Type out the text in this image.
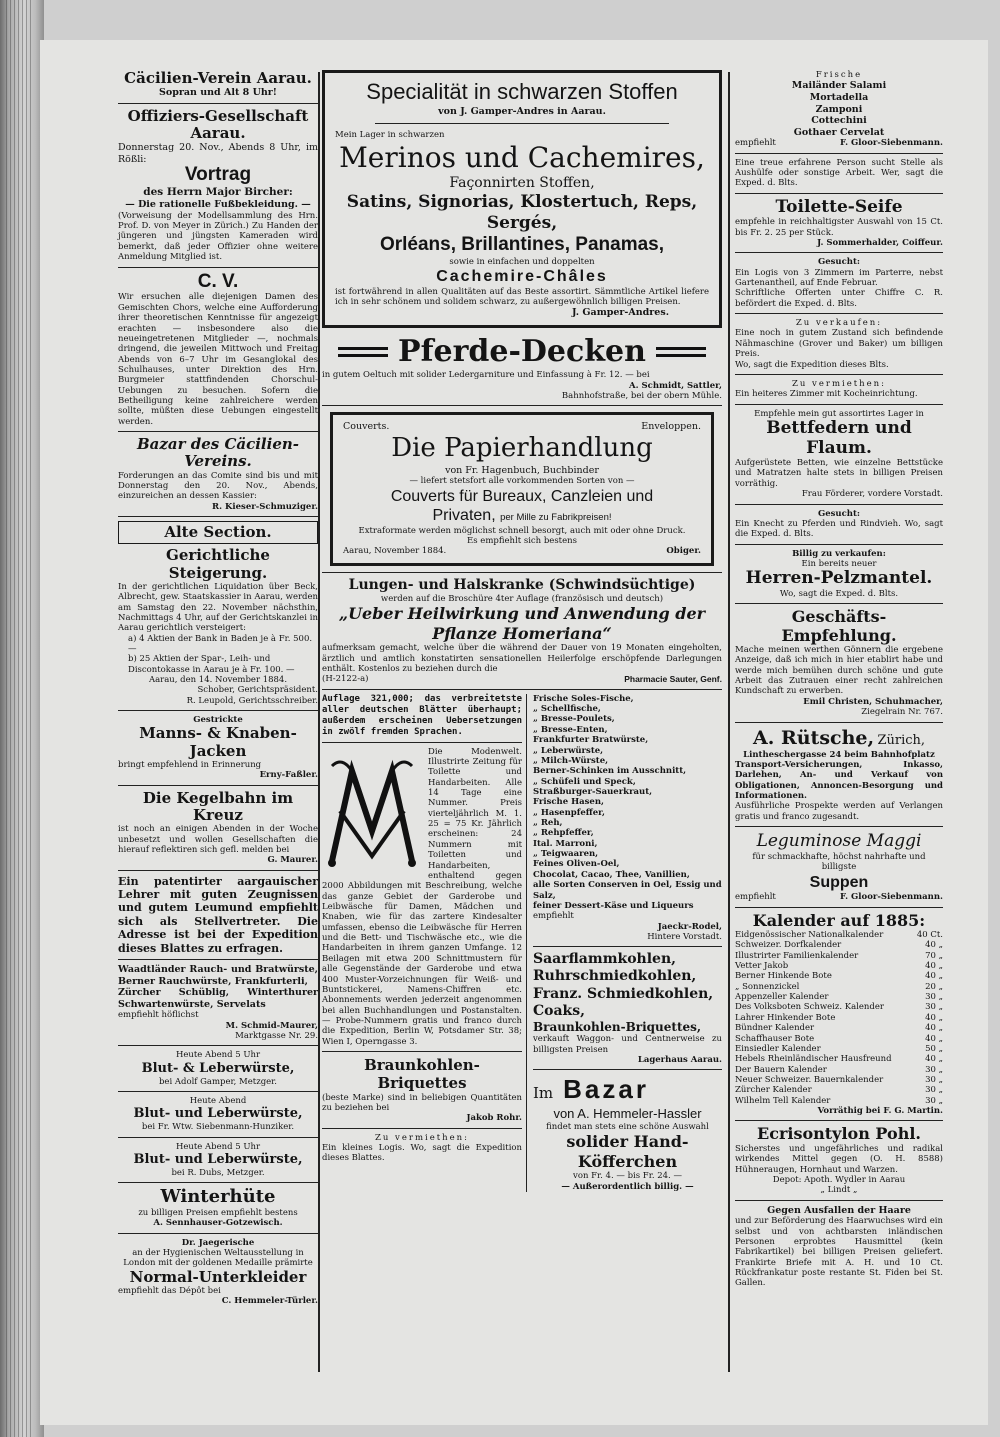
Cäcilien-Verein Aarau.
Sopran und Alt 8 Uhr!
Offiziers-Gesellschaft Aarau.
Donnerstag 20. Nov., Abends 8 Uhr, im Rößli:
Vortrag
des Herrn Major Bircher:
— Die rationelle Fußbekleidung. —
(Vorweisung der Modellsammlung des Hrn. Prof. D. von Meyer in Zürich.) Zu Handen der jüngeren und jüngsten Kameraden wird bemerkt, daß jeder Offizier ohne weitere Anmeldung Mitglied ist.
C. V.
Wir ersuchen alle diejenigen Damen des Gemischten Chors, welche eine Aufforderung ihrer theoretischen Kenntnisse für angezeigt erachten — insbesondere also die neueingetretenen Mitglieder —, nochmals dringend, die jeweilen Mittwoch und Freitag Abends von 6–7 Uhr im Gesanglokal des Schulhauses, unter Direktion des Hrn. Burgmeier stattfindenden Chorschul-Uebungen zu besuchen. Sofern die Betheiligung keine zahlreichere werden sollte, müßten diese Uebungen eingestellt werden.
Bazar des Cäcilien-Vereins.
Forderungen an das Comite sind bis und mit Donnerstag den 20. Nov., Abends, einzureichen an dessen Kassier:
R. Kieser-Schmuziger.
Alte Section.
Gerichtliche Steigerung.
In der gerichtlichen Liquidation über Beck, Albrecht, gew. Staatskassier in Aarau, werden am Samstag den 22. November nächsthin, Nachmittags 4 Uhr, auf der Gerichtskanzlei in Aarau gerichtlich versteigert:
a) 4 Aktien der Bank in Baden je à Fr. 500. —
b) 25 Aktien der Spar-, Leih- und Discontokasse in Aarau je à Fr. 100. —
Aarau, den 14. November 1884.
Schober, Gerichtspräsident.
R. Leupold, Gerichtsschreiber.
Gestrickte
Manns- & Knaben-Jacken
bringt empfehlend in Erinnerung
Erny-Faßler.
Die Kegelbahn im Kreuz
ist noch an einigen Abenden in der Woche unbesetzt und wollen Gesellschaften die hierauf reflektiren sich gefl. melden bei
G. Maurer.
Ein patentirter aargauischer Lehrer mit guten Zeugnissen und gutem Leumund empfiehlt sich als Stellvertreter. Die Adresse ist bei der Expedition dieses Blattes zu erfragen.
Waadtländer Rauch- und Bratwürste, Berner Rauchwürste, Frankfurterli,
Zürcher Schüblig, Winterthurer Schwartenwürste, Servelats
empfiehlt höflichst
M. Schmid-Maurer,
Marktgasse Nr. 29.
Heute Abend 5 Uhr
Blut- & Leberwürste,
bei Adolf Gamper, Metzger.
Heute Abend
Blut- und Leberwürste,
bei Fr. Wtw. Siebenmann-Hunziker.
Heute Abend 5 Uhr
Blut- und Leberwürste,
bei R. Dubs, Metzger.
Winterhüte
zu billigen Preisen empfiehlt bestens
A. Sennhauser-Gotzewisch.
Dr. Jaegerische
an der Hygienischen Weltausstellung in London mit der goldenen Medaille prämirte
Normal-Unterkleider
empfiehlt das Dépôt bei
C. Hemmeler-Türler.
Specialität in schwarzen Stoffen
von J. Gamper-Andres in Aarau.
Mein Lager in schwarzen
Merinos und Cachemires,
Façonnirten Stoffen,
Satins, Signorias, Klostertuch, Reps, Sergés,
Orléans, Brillantines, Panamas,
sowie in einfachen und doppelten
Cachemire-Châles
ist fortwährend in allen Qualitäten auf das Beste assortirt. Sämmtliche Artikel liefere ich in sehr schönem und solidem schwarz, zu außergewöhnlich billigen Preisen.
J. Gamper-Andres.
Pferde-Decken
in gutem Oeltuch mit solider Ledergarniture und Einfassung à Fr. 12. — bei
A. Schmidt, Sattler,
Bahnhofstraße, bei der obern Mühle.
Couverts.	Enveloppen.
Die Papierhandlung
von Fr. Hagenbuch, Buchbinder
— liefert stetsfort alle vorkommenden Sorten von —
Couverts für Bureaux, Canzleien und
Privaten, per Mille zu Fabrikpreisen!
Extraformate werden möglichst schnell besorgt, auch mit oder ohne Druck.
Es empfiehlt sich bestens
Aarau, November 1884.	Obiger.
Lungen- und Halskranke (Schwindsüchtige)
werden auf die Broschüre 4ter Auflage (französisch und deutsch)
„Ueber Heilwirkung und Anwendung der Pflanze Homeriana“
aufmerksam gemacht, welche über die während der Dauer von 19 Monaten eingeholten, ärztlich und amtlich konstatirten sensationellen Heilerfolge erschöpfende Darlegungen enthält. Kostenlos zu beziehen durch die
(H-2122-a)	Pharmacie Sauter, Genf.
Auflage 321,000; das verbreitetste aller deutschen Blätter überhaupt; außerdem erscheinen Uebersetzungen in zwölf fremden Sprachen.
Die Modenwelt. Illustrirte Zeitung für Toilette und Handarbeiten. Alle 14 Tage eine Nummer. Preis vierteljährlich M. 1. 25 = 75 Kr. Jährlich erscheinen: 24 Nummern mit Toiletten und Handarbeiten, enthaltend gegen 2000 Abbildungen mit Beschreibung, welche das ganze Gebiet der Garderobe und Leibwäsche für Damen, Mädchen und Knaben, wie für das zartere Kindesalter umfassen, ebenso die Leibwäsche für Herren und die Bett- und Tischwäsche etc., wie die Handarbeiten in ihrem ganzen Umfange. 12 Beilagen mit etwa 200 Schnittmustern für alle Gegenstände der Garderobe und etwa 400 Muster-Vorzeichnungen für Weiß- und Buntstickerei, Namens-Chiffren etc. Abonnements werden jederzeit angenommen bei allen Buchhandlungen und Postanstalten. — Probe-Nummern gratis und franco durch die Expedition, Berlin W, Potsdamer Str. 38; Wien I, Operngasse 3.
Braunkohlen-Briquettes
(beste Marke) sind in beliebigen Quantitäten zu beziehen bei
Jakob Rohr.
Zu vermiethen:
Ein kleines Logis. Wo, sagt die Expedition dieses Blattes.
Frische Soles-Fische,
„ Schellfische,
„ Bresse-Poulets,
„ Bresse-Enten,
Frankfurter Bratwürste,
„ Leberwürste,
„ Milch-Würste,
Berner-Schinken im Ausschnitt,
„ Schüfeli und Speck,
Straßburger-Sauerkraut,
Frische Hasen,
„ Hasenpfeffer,
„ Reh,
„ Rehpfeffer,
Ital. Marroni,
„ Teigwaaren,
Feines Oliven-Oel,
Chocolat, Cacao, Thee, Vanillien,
alle Sorten Conserven in Oel, Essig und Salz,
feiner Dessert-Käse und Liqueurs
empfiehlt
Jaeckr-Rodel,
Hintere Vorstadt.
Saarflammkohlen,
Ruhrschmiedkohlen,
Franz. Schmiedkohlen,
Coaks,
Braunkohlen-Briquettes,
verkauft Waggon- und Centnerweise zu billigsten Preisen
Lagerhaus Aarau.
Im Bazar
von A. Hemmeler-Hassler
findet man stets eine schöne Auswahl
solider Hand-Köfferchen
von Fr. 4. — bis Fr. 24. —
— Außerordentlich billig. —
Frische
Mailänder Salami
Mortadella
Zamponi
Cottechini
Gothaer Cervelat
empfiehlt	F. Gloor-Siebenmann.
Eine treue erfahrene Person sucht Stelle als Aushülfe oder sonstige Arbeit. Wer, sagt die Exped. d. Blts.
Toilette-Seife
empfehle in reichhaltigster Auswahl von 15 Ct. bis Fr. 2. 25 per Stück.
J. Sommerhalder, Coiffeur.
Gesucht:
Ein Logis von 3 Zimmern im Parterre, nebst Gartenantheil, auf Ende Februar.
Schriftliche Offerten unter Chiffre C. R. befördert die Exped. d. Blts.
Zu verkaufen:
Eine noch in gutem Zustand sich befindende Nähmaschine (Grover und Baker) um billigen Preis.
Wo, sagt die Expedition dieses Blts.
Zu vermiethen:
Ein heiteres Zimmer mit Kocheinrichtung.
Empfehle mein gut assortirtes Lager in
Bettfedern und Flaum.
Aufgerüstete Betten, wie einzelne Bettstücke und Matratzen halte stets in billigen Preisen vorräthig.
Frau Förderer, vordere Vorstadt.
Gesucht:
Ein Knecht zu Pferden und Rindvieh. Wo, sagt die Exped. d. Blts.
Billig zu verkaufen:
Ein bereits neuer
Herren-Pelzmantel.
Wo, sagt die Exped. d. Blts.
Geschäfts-Empfehlung.
Mache meinen werthen Gönnern die ergebene Anzeige, daß ich mich in hier etablirt habe und werde mich bemühen durch schöne und gute Arbeit das Zutrauen einer recht zahlreichen Kundschaft zu erwerben.
Emil Christen, Schuhmacher,
Ziegelrain Nr. 767.
A. Rütsche, Zürich,
Lintheschergasse 24 beim Bahnhofplatz
Transport-Versicherungen, Inkasso, Darlehen, An- und Verkauf von Obligationen, Annoncen-Besorgung und Informationen.
Ausführliche Prospekte werden auf Verlangen gratis und franco zugesandt.
Leguminose Maggi
für schmackhafte, höchst nahrhafte und billigste
Suppen
empfiehlt	F. Gloor-Siebenmann.
Kalender auf 1885:
Eidgenössischer Nationalkalender	40 Ct.
Schweizer. Dorfkalender	40 „
Illustrirter Familienkalender	70 „
Vetter Jakob	40 „
Berner Hinkende Bote	40 „
„ Sonnenzickel	20 „
Appenzeller Kalender	30 „
Des Volksboten Schweiz. Kalender	30 „
Lahrer Hinkender Bote	40 „
Bündner Kalender	40 „
Schaffhauser Bote	40 „
Einsiedler Kalender	50 „
Hebels Rheinländischer Hausfreund	40 „
Der Bauern Kalender	30 „
Neuer Schweizer. Bauernkalender	30 „
Zürcher Kalender	30 „
Wilhelm Tell Kalender	30 „
Vorräthig bei F. G. Martin.
Ecrisontylon Pohl.
Sicherstes und ungefährliches und radikal wirkendes Mittel gegen (O. H. 8588) Hühneraugen, Hornhaut und Warzen.
Depot: Apoth. Wydler in Aarau
„ Lindt „
Gegen Ausfallen der Haare
und zur Beförderung des Haarwuchses wird ein selbst und von achtbarsten inländischen Personen erprobtes Hausmittel (kein Fabrikartikel) bei billigen Preisen geliefert. Frankirte Briefe mit A. H. und 10 Ct. Rückfrankatur poste restante St. Fiden bei St. Gallen.
